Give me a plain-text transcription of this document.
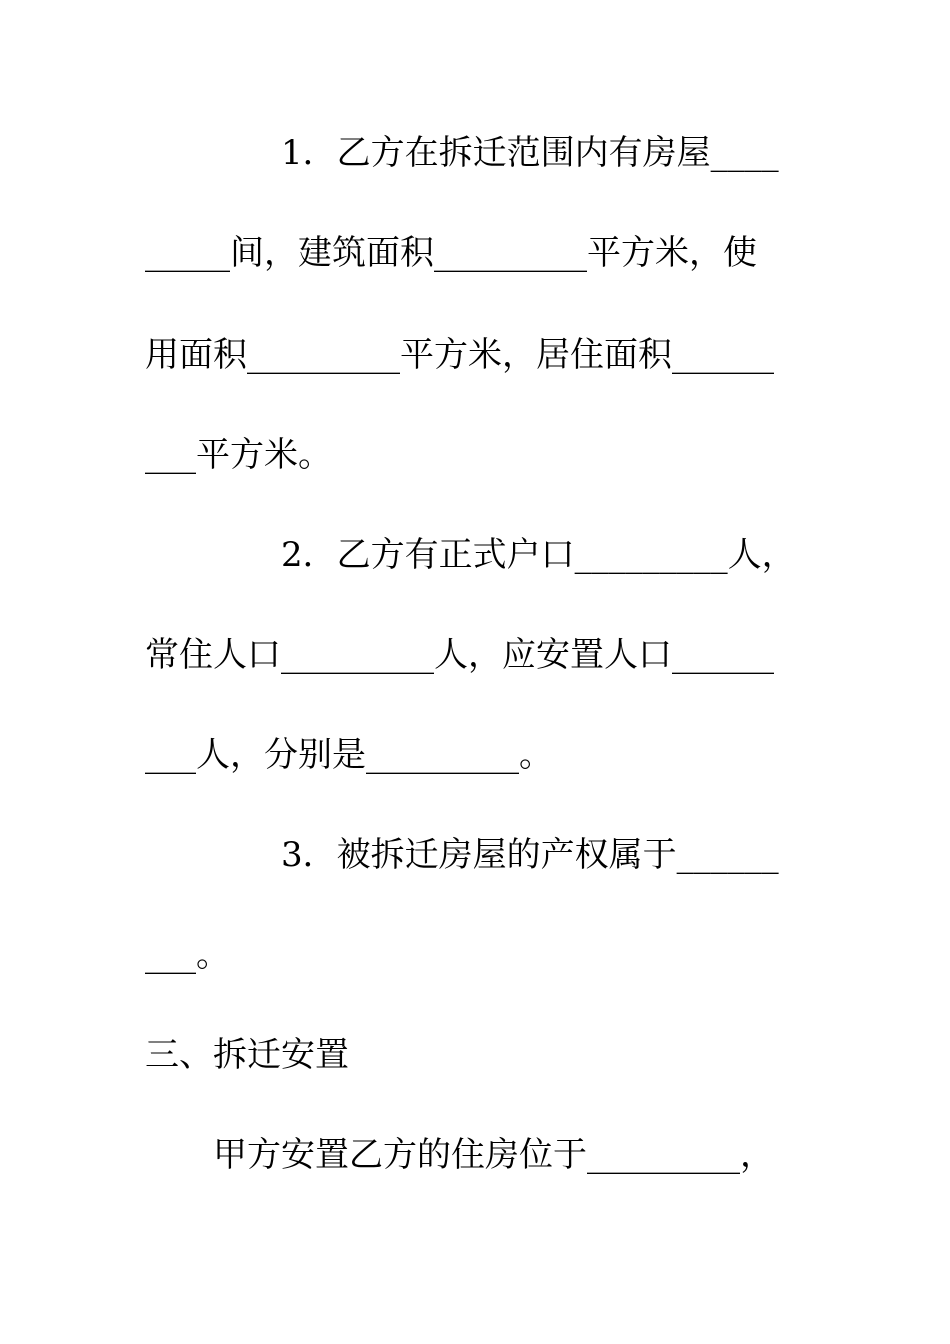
　　　　1．乙方在拆迁范围内有房屋____
_____间，建筑面积_________平方米，使
用面积_________平方米，居住面积______
___平方米。
　　　　2．乙方有正式户口_________人，
常住人口_________人，应安置人口______
___人，分别是_________。
　　　　3．被拆迁房屋的产权属于______
___。
三、拆迁安置
　　甲方安置乙方的住房位于_________，
